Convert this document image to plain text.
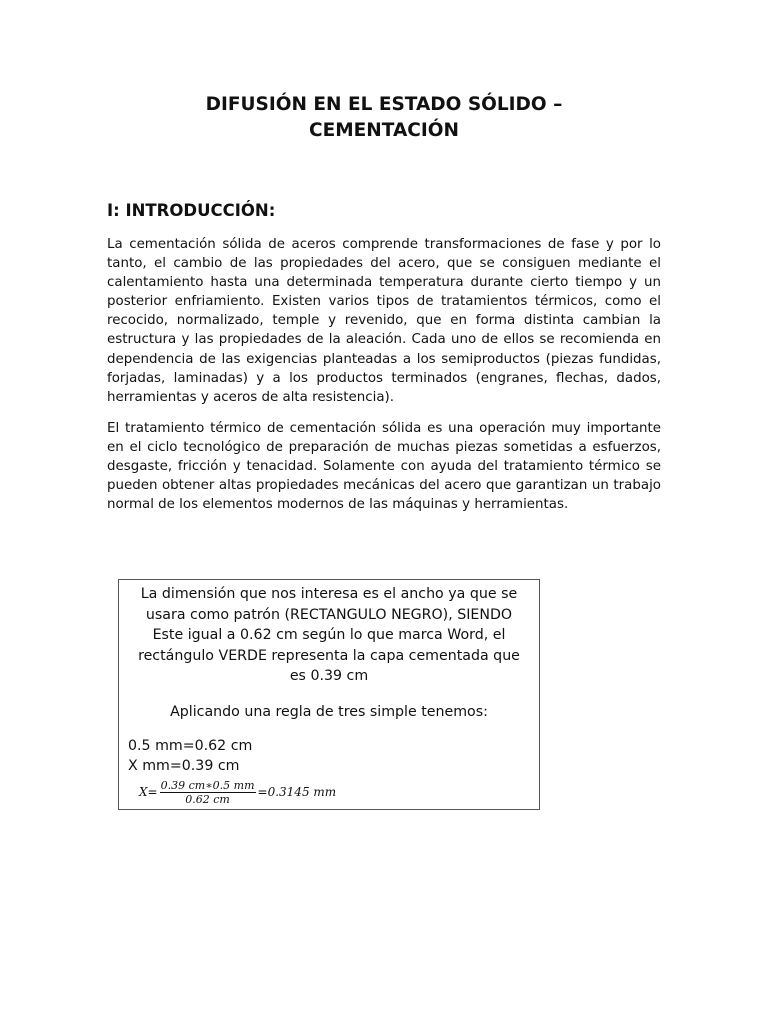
DIFUSIÓN EN EL ESTADO SÓLIDO –
CEMENTACIÓN
I: INTRODUCCIÓN:

La cementación sólida de aceros comprende transformaciones de fase y por lo tanto, el cambio de las propiedades del acero, que se consiguen mediante el calentamiento hasta una determinada temperatura durante cierto tiempo y un posterior enfriamiento. Existen varios tipos de tratamientos térmicos, como el recocido, normalizado, temple y revenido, que en forma distinta cambian la estructura y las propiedades de la aleación. Cada uno de ellos se recomienda en dependencia de las exigencias planteadas a los semiproductos (piezas fundidas, forjadas, laminadas) y a los productos terminados (engranes, flechas, dados, herramientas y aceros de alta resistencia).

El tratamiento térmico de cementación sólida es una operación muy importante en el ciclo tecnológico de preparación de muchas piezas sometidas a esfuerzos, desgaste, fricción y tenacidad. Solamente con ayuda del tratamiento térmico se pueden obtener altas propiedades mecánicas del acero que garantizan un trabajo normal de los elementos modernos de las máquinas y herramientas.

La dimensión que nos interesa es el ancho ya que se usara como patrón (RECTANGULO NEGRO), SIENDO Este igual a 0.62 cm según lo que marca Word, el rectángulo VERDE representa la capa cementada que es 0.39 cm

Aplicando una regla de tres simple tenemos:

0.5 mm=0.62 cm

X mm=0.39 cm

$X = \frac{0.39 cm∗0.5 mm}{0.62 cm} =0.3145$ mm
